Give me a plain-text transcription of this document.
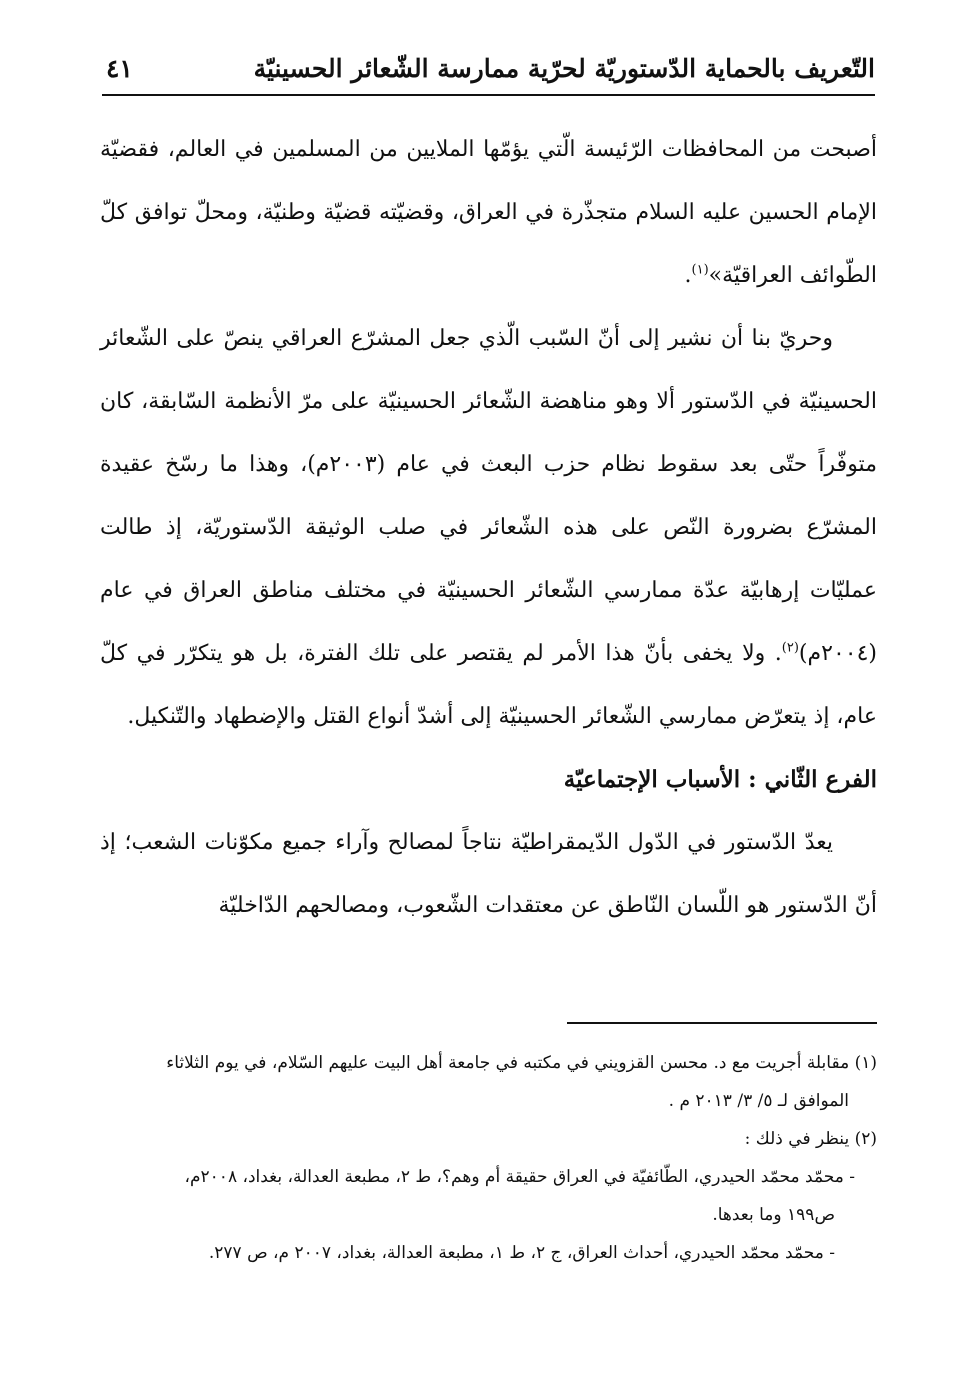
التّعريف بالحماية الدّستوريّة لحرّية ممارسة الشّعائر الحسينيّة
٤١

أصبحت من المحافظات الرّئيسة الّتي يؤمّها الملايين من المسلمين في العالم، فقضيّة الإمام الحسين عليه السلام متجذّرة في العراق، وقضيّته قضيّة وطنيّة، ومحلّ توافق كلّ الطّوائف العراقيّة»$^{(١)}$.

وحريّ بنا أن نشير إلى أنّ السّبب الّذي جعل المشرّع العراقي ينصّ على الشّعائر الحسينيّة في الدّستور ألا وهو مناهضة الشّعائر الحسينيّة على مرّ الأنظمة السّابقة، كان متوفّراً حتّى بعد سقوط نظام حزب البعث في عام (٢٠٠٣م)، وهذا ما رسّخ عقيدة المشرّع بضرورة النّص على هذه الشّعائر في صلب الوثيقة الدّستوريّة، إذ طالت عمليّات إرهابيّة عدّة ممارسي الشّعائر الحسينيّة في مختلف مناطق العراق في عام (٢٠٠٤م)$^{(٢)}$. ولا يخفى بأنّ هذا الأمر لم يقتصر على تلك الفترة، بل هو يتكرّر في كلّ عام، إذ يتعرّض ممارسي الشّعائر الحسينيّة إلى أشدّ أنواع القتل والإضطهاد والتّنكيل.

الفرع الثّاني : الأسباب الإجتماعيّة

يعدّ الدّستور في الدّول الدّيمقراطيّة نتاجاً لمصالح وآراء جميع مكوّنات الشعب؛ إذ أنّ الدّستور هو اللّسان النّاطق عن معتقدات الشّعوب، ومصالحهم الدّاخليّة

(١) مقابلة أجريت مع د. محسن القزويني في مكتبه في جامعة أهل البيت عليهم السّلام، في يوم الثلاثاء

الموافق لـ ٥/ ٣/ ٢٠١٣ م .

(٢) ينظر في ذلك :

- محمّد محمّد الحيدري، الطّائفيّة في العراق حقيقة أم وهم؟، ط ٢، مطبعة العدالة، بغداد، ٢٠٠٨م،

ص١٩٩ وما بعدها.

- محمّد محمّد الحيدري، أحداث العراق، ج ٢، ط ١، مطبعة العدالة، بغداد، ٢٠٠٧ م، ص ٢٧٧.
